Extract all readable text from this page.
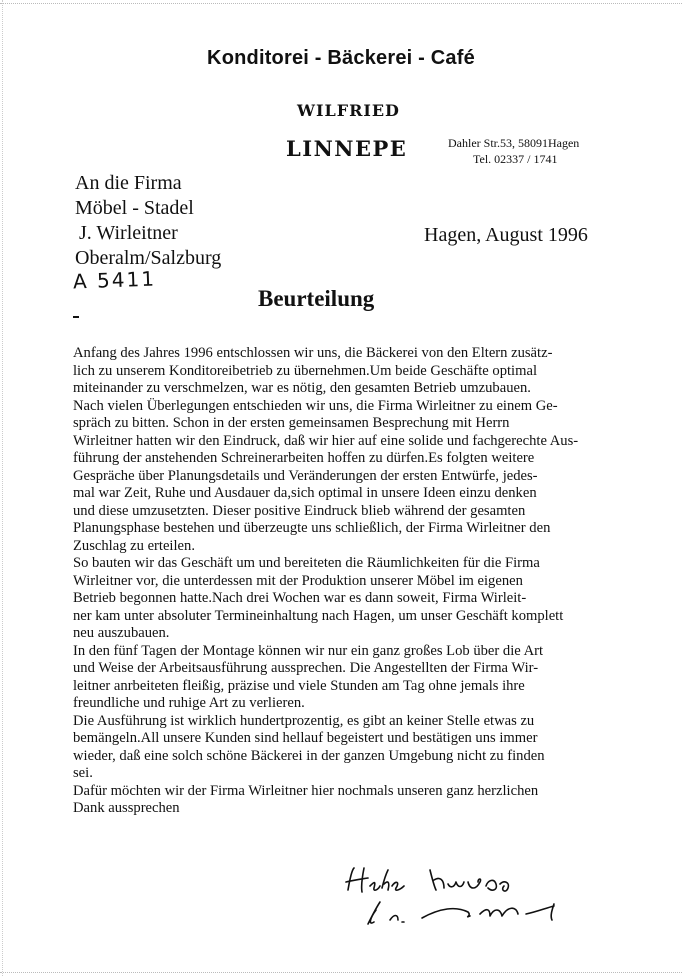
Konditorei - Bäckerei - Café
WILFRIED
LINNEPE	Dahler Str.53, 58091Hagen
Tel. 02337 / 1741
An die Firma
Möbel - Stadel
J. Wirleitner
Oberalm/Salzburg
Hagen, August 1996
A 5411
Beurteilung
Anfang des Jahres 1996 entschlossen wir uns, die Bäckerei von den Eltern zusätz-
lich zu unserem Konditoreibetrieb zu übernehmen.Um beide Geschäfte optimal
miteinander zu verschmelzen, war es nötig, den gesamten Betrieb umzubauen.
Nach vielen Überlegungen entschieden wir uns, die Firma Wirleitner zu einem Ge-
spräch zu bitten. Schon in der ersten gemeinsamen Besprechung mit Herrn
Wirleitner hatten wir den Eindruck, daß wir hier auf eine solide und fachgerechte Aus-
führung der anstehenden Schreinerarbeiten hoffen zu dürfen.Es folgten weitere
Gespräche über Planungsdetails und Veränderungen der ersten Entwürfe, jedes-
mal war Zeit, Ruhe und Ausdauer da,sich optimal in unsere Ideen einzu denken
und diese umzusetzten. Dieser positive Eindruck blieb während der gesamten
Planungsphase bestehen und überzeugte uns schließlich, der Firma Wirleitner den
Zuschlag zu erteilen.
So bauten wir das Geschäft um und bereiteten die Räumlichkeiten für die Firma
Wirleitner vor, die unterdessen mit der Produktion unserer Möbel im eigenen
Betrieb begonnen hatte.Nach drei Wochen war es dann soweit, Firma Wirleit-
ner kam unter absoluter Termineinhaltung nach Hagen, um unser Geschäft komplett
neu auszubauen.
In den fünf Tagen der Montage können wir nur ein ganz großes Lob über die Art
und Weise der Arbeitsausführung aussprechen. Die Angestellten der Firma Wir-
leitner anrbeiteten fleißig, präzise und viele Stunden am Tag ohne jemals ihre
freundliche und ruhige Art zu verlieren.
Die Ausführung ist wirklich hundertprozentig, es gibt an keiner Stelle etwas zu
bemängeln.All unsere Kunden sind hellauf begeistert und bestätigen uns immer
wieder, daß eine solch schöne Bäckerei in der ganzen Umgebung nicht zu finden
sei.
Dafür möchten wir der Firma Wirleitner hier nochmals unseren ganz herzlichen
Dank aussprechen
